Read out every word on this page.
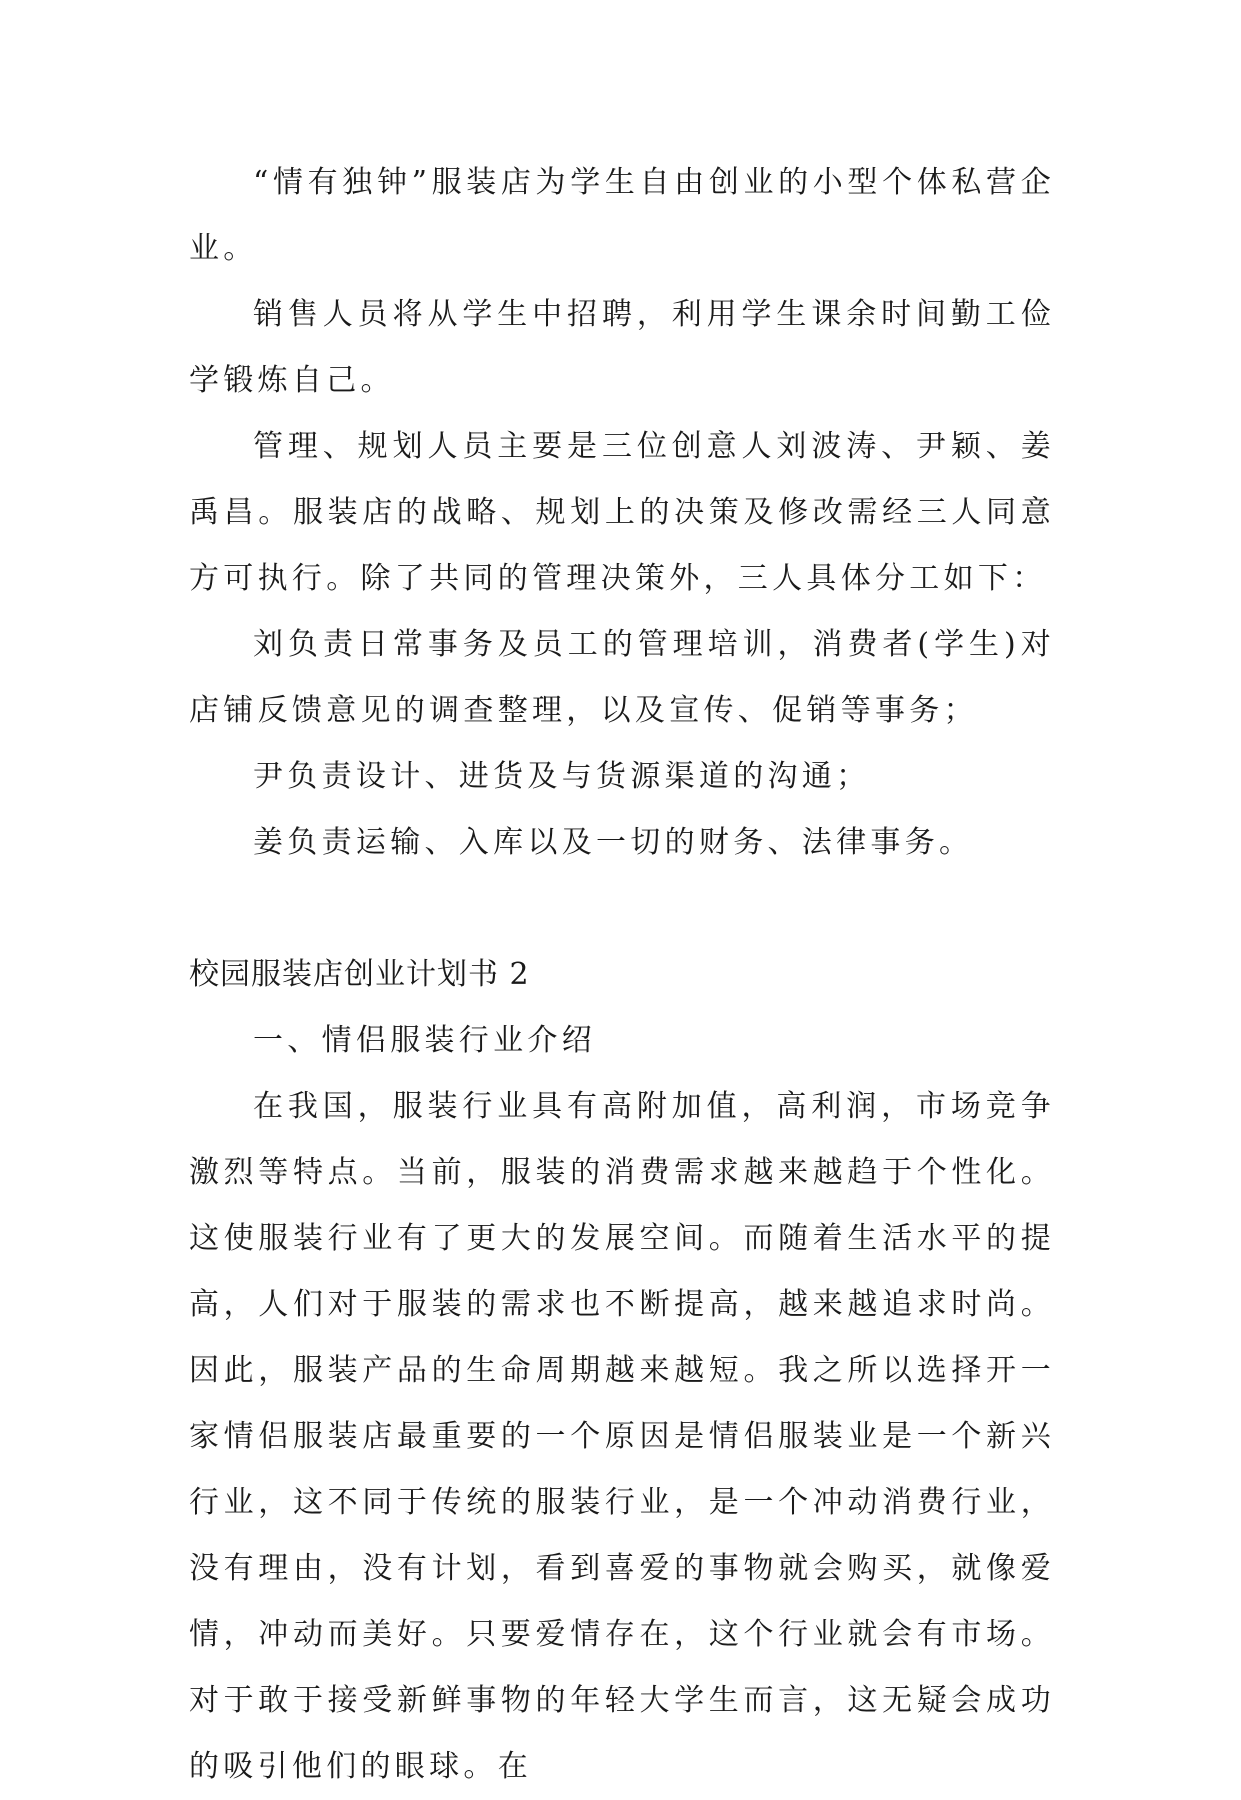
“情有独钟”服装店为学生自由创业的小型个体私营企业。

销售人员将从学生中招聘，利用学生课余时间勤工俭学锻炼自己。

管理、规划人员主要是三位创意人刘波涛、尹颖、姜禹昌。服装店的战略、规划上的决策及修改需经三人同意方可执行。除了共同的管理决策外，三人具体分工如下：

刘负责日常事务及员工的管理培训，消费者(学生)对店铺反馈意见的调查整理，以及宣传、促销等事务；

尹负责设计、进货及与货源渠道的沟通；

姜负责运输、入库以及一切的财务、法律事务。

校园服装店创业计划书 2

一、情侣服装行业介绍

在我国，服装行业具有高附加值，高利润，市场竞争激烈等特点。当前，服装的消费需求越来越趋于个性化。这使服装行业有了更大的发展空间。而随着生活水平的提高，人们对于服装的需求也不断提高，越来越追求时尚。因此，服装产品的生命周期越来越短。我之所以选择开一家情侣服装店最重要的一个原因是情侣服装业是一个新兴行业，这不同于传统的服装行业，是一个冲动消费行业，没有理由，没有计划，看到喜爱的事物就会购买，就像爱情，冲动而美好。只要爱情存在，这个行业就会有市场。对于敢于接受新鲜事物的年轻大学生而言，这无疑会成功的吸引他们的眼球。在
